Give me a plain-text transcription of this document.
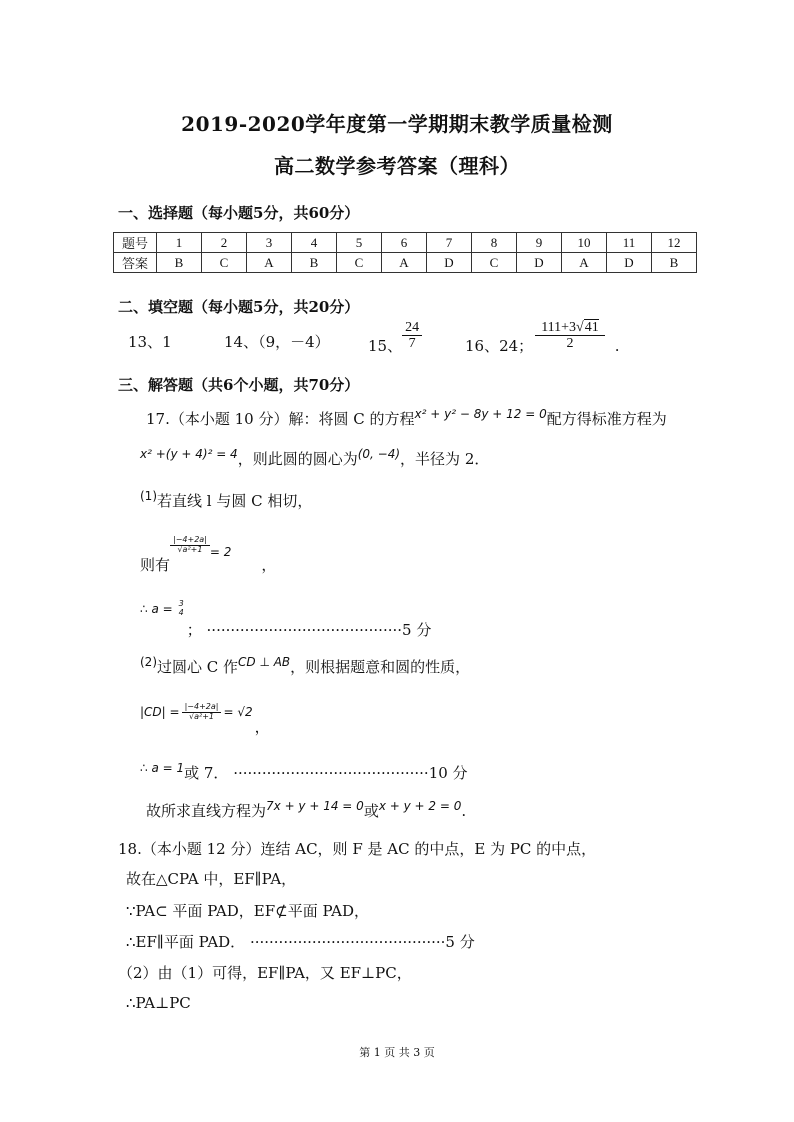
2019-2020学年度第一学期期末教学质量检测
高二数学参考答案（理科）
一、选择题（每小题5分，共60分）
题号	1	2	3	4	5	6	7	8	9	10	11	12
答案	B	C	A	B	C	A	D	C	D	A	D	B
二、填空题（每小题5分，共20分）
13、1	14、（9，－4）	15、 $\frac{24}{7}$	16、24； $\frac{111+3√41}{2}$ .
三、解答题（共6个小题，共70分）
17.（本小题 10 分）解：将圆 C 的方程$^{x^2 + y^2 - 8y + 12 = 0}$配方得标准方程为
$^{x^2 +(y + 4)^2 = 4}$，则此圆的圆心为$^{(0, -4)}$，半径为 2．
$^{(1)}$若直线 l 与圆 C 相切，
则有
$\frac{|-4+2a|}{\text{√a²+1}} _{= 2}$，
∴ a = 3
4
； ·········································5 分
$^{(2)}$过圆心 C 作$^{CD \perp AB}$，则根据题意和圆的性质，
$|CD| = \frac{|-4+2a|}{\text{√a²+1}} = √2$，
$^{\therefore a = 1}$或 7． ·········································10 分
故所求直线方程为$^{7x + y + 14 = 0}$或$^{x + y + 2 = 0}$.
18.（本小题 12 分）连结 AC，则 F 是 AC 的中点，E 为 PC 的中点，
故在△CPA 中，EF∥PA，
∵PA⊂ 平面 PAD，EF⊄平面 PAD，
∴EF∥平面 PAD． ·········································5 分
（2）由（1）可得，EF∥PA，又 EF⊥PC，
∴PA⊥PC
第 1 页 共 3 页
